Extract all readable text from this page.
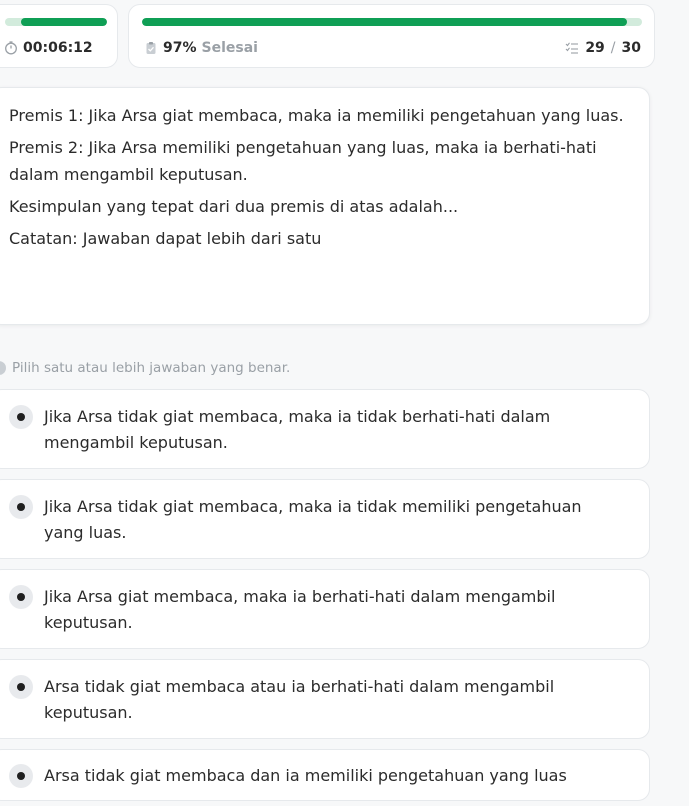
00:06:12	97% Selesai	29 / 30

Premis 1: Jika Arsa giat membaca, maka ia memiliki pengetahuan yang luas.

Premis 2: Jika Arsa memiliki pengetahuan yang luas, maka ia berhati-hati dalam mengambil keputusan.

Kesimpulan yang tepat dari dua premis di atas adalah...

Catatan: Jawaban dapat lebih dari satu

Pilih satu atau lebih jawaban yang benar.
Jika Arsa tidak giat membaca, maka ia tidak berhati-hati dalam mengambil keputusan.
Jika Arsa tidak giat membaca, maka ia tidak memiliki pengetahuan yang luas.
Jika Arsa giat membaca, maka ia berhati-hati dalam mengambil keputusan.
Arsa tidak giat membaca atau ia berhati-hati dalam mengambil keputusan.
Arsa tidak giat membaca dan ia memiliki pengetahuan yang luas
